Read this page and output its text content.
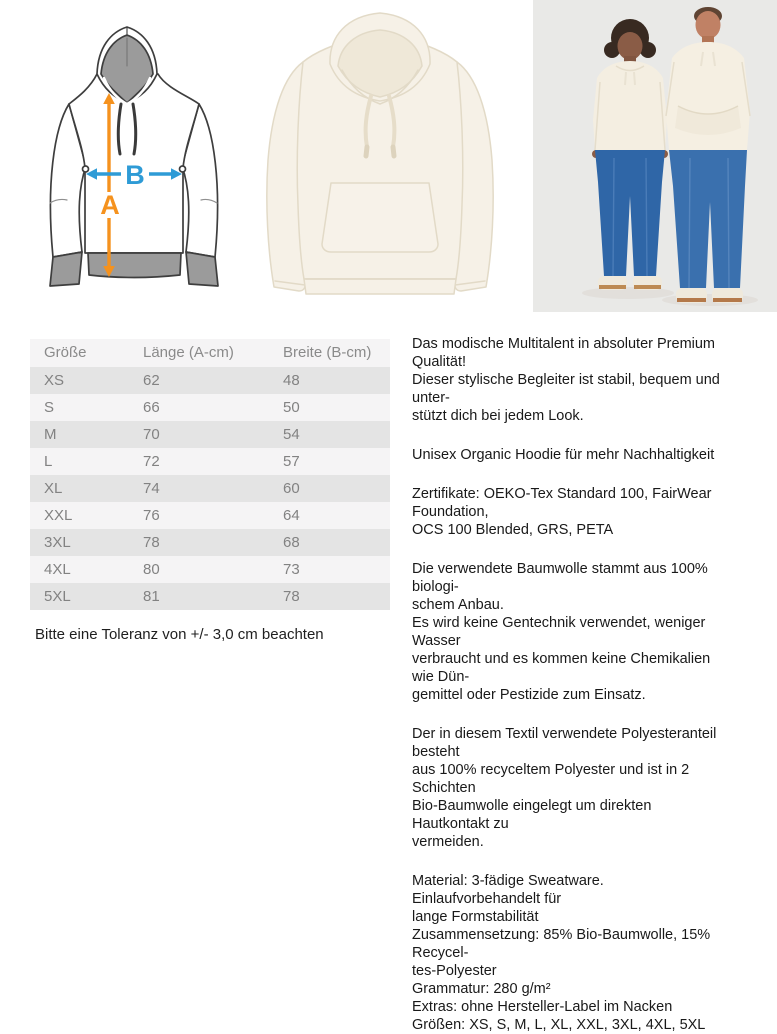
A
B
Größe	Länge (A-cm)	Breite (B-cm)
XS	62	48
S	66	50
M	70	54
L	72	57
XL	74	60
XXL	76	64
3XL	78	68
4XL	80	73
5XL	81	78
Bitte eine Toleranz von +/- 3,0 cm beachten

Das modische Multitalent in absoluter Premium Qualität!
Dieser stylische Begleiter ist stabil, bequem und unter-
stützt dich bei jedem Look.

Unisex Organic Hoodie für mehr Nachhaltigkeit

Zertifikate: OEKO-Tex Standard 100, FairWear Foundation,
OCS 100 Blended, GRS, PETA

Die verwendete Baumwolle stammt aus 100% biologi-
schem Anbau.
Es wird keine Gentechnik verwendet, weniger Wasser
verbraucht und es kommen keine Chemikalien wie Dün-
gemittel oder Pestizide zum Einsatz.

Der in diesem Textil verwendete Polyesteranteil besteht
aus 100% recyceltem Polyester und ist in 2 Schichten
Bio-Baumwolle eingelegt um direkten Hautkontakt zu
vermeiden.

Material: 3-fädige Sweatware. Einlaufvorbehandelt für
lange Formstabilität
Zusammensetzung: 85% Bio-Baumwolle, 15% Recycel-
tes-Polyester
Grammatur: 280 g/m²
Extras: ohne Hersteller-Label im Nacken
Größen: XS, S, M, L, XL, XXL, 3XL, 4XL, 5XL
